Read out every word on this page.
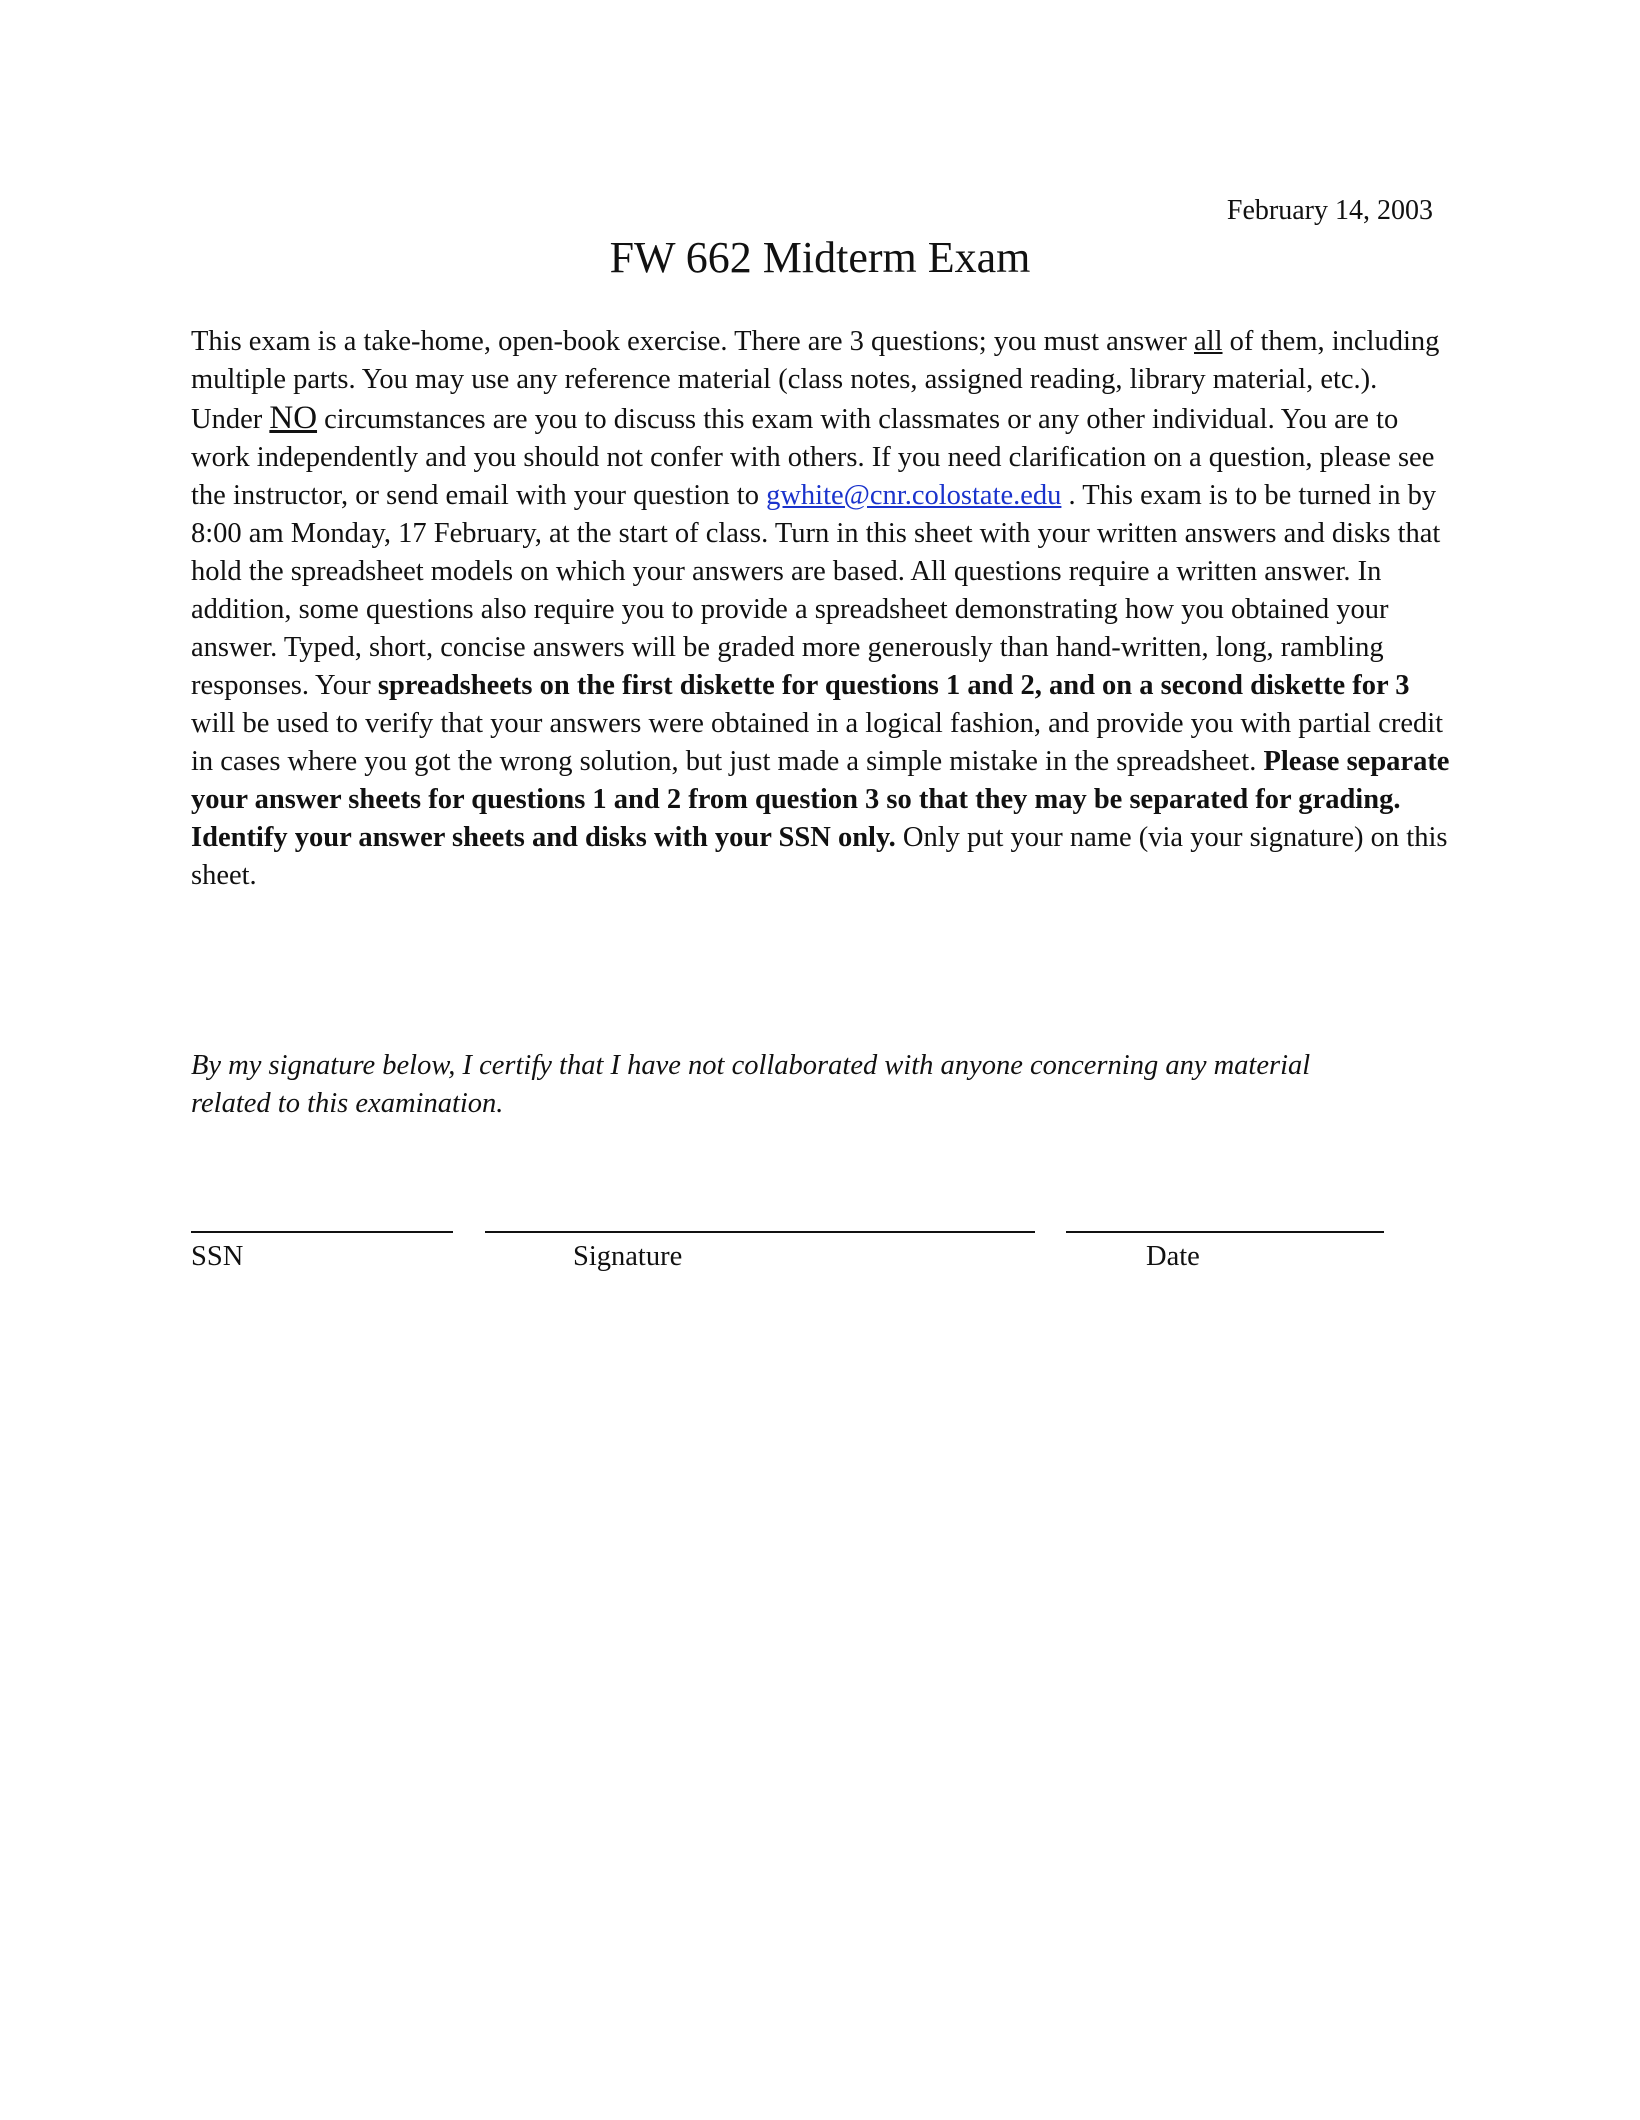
February 14, 2003
FW 662 Midterm Exam

This exam is a take-home, open-book exercise. There are 3 questions; you must answer all of them, including multiple parts. You may use any reference material (class notes, assigned reading, library material, etc.). Under NO circumstances are you to discuss this exam with classmates or any other individual. You are to work independently and you should not confer with others. If you need clarification on a question, please see the instructor, or send email with your question to gwhite@cnr.colostate.edu . This exam is to be turned in by 8:00 am Monday, 17 February, at the start of class. Turn in this sheet with your written answers and disks that hold the spreadsheet models on which your answers are based. All questions require a written answer. In addition, some questions also require you to provide a spreadsheet demonstrating how you obtained your answer. Typed, short, concise answers will be graded more generously than hand-written, long, rambling responses. Your spreadsheets on the first diskette for questions 1 and 2, and on a second diskette for 3 will be used to verify that your answers were obtained in a logical fashion, and provide you with partial credit in cases where you got the wrong solution, but just made a simple mistake in the spreadsheet. Please separate your answer sheets for questions 1 and 2 from question 3 so that they may be separated for grading. Identify your answer sheets and disks with your SSN only. Only put your name (via your signature) on this sheet.

By my signature below, I certify that I have not collaborated with anyone concerning any material related to this examination.

SSN	Signature	Date
